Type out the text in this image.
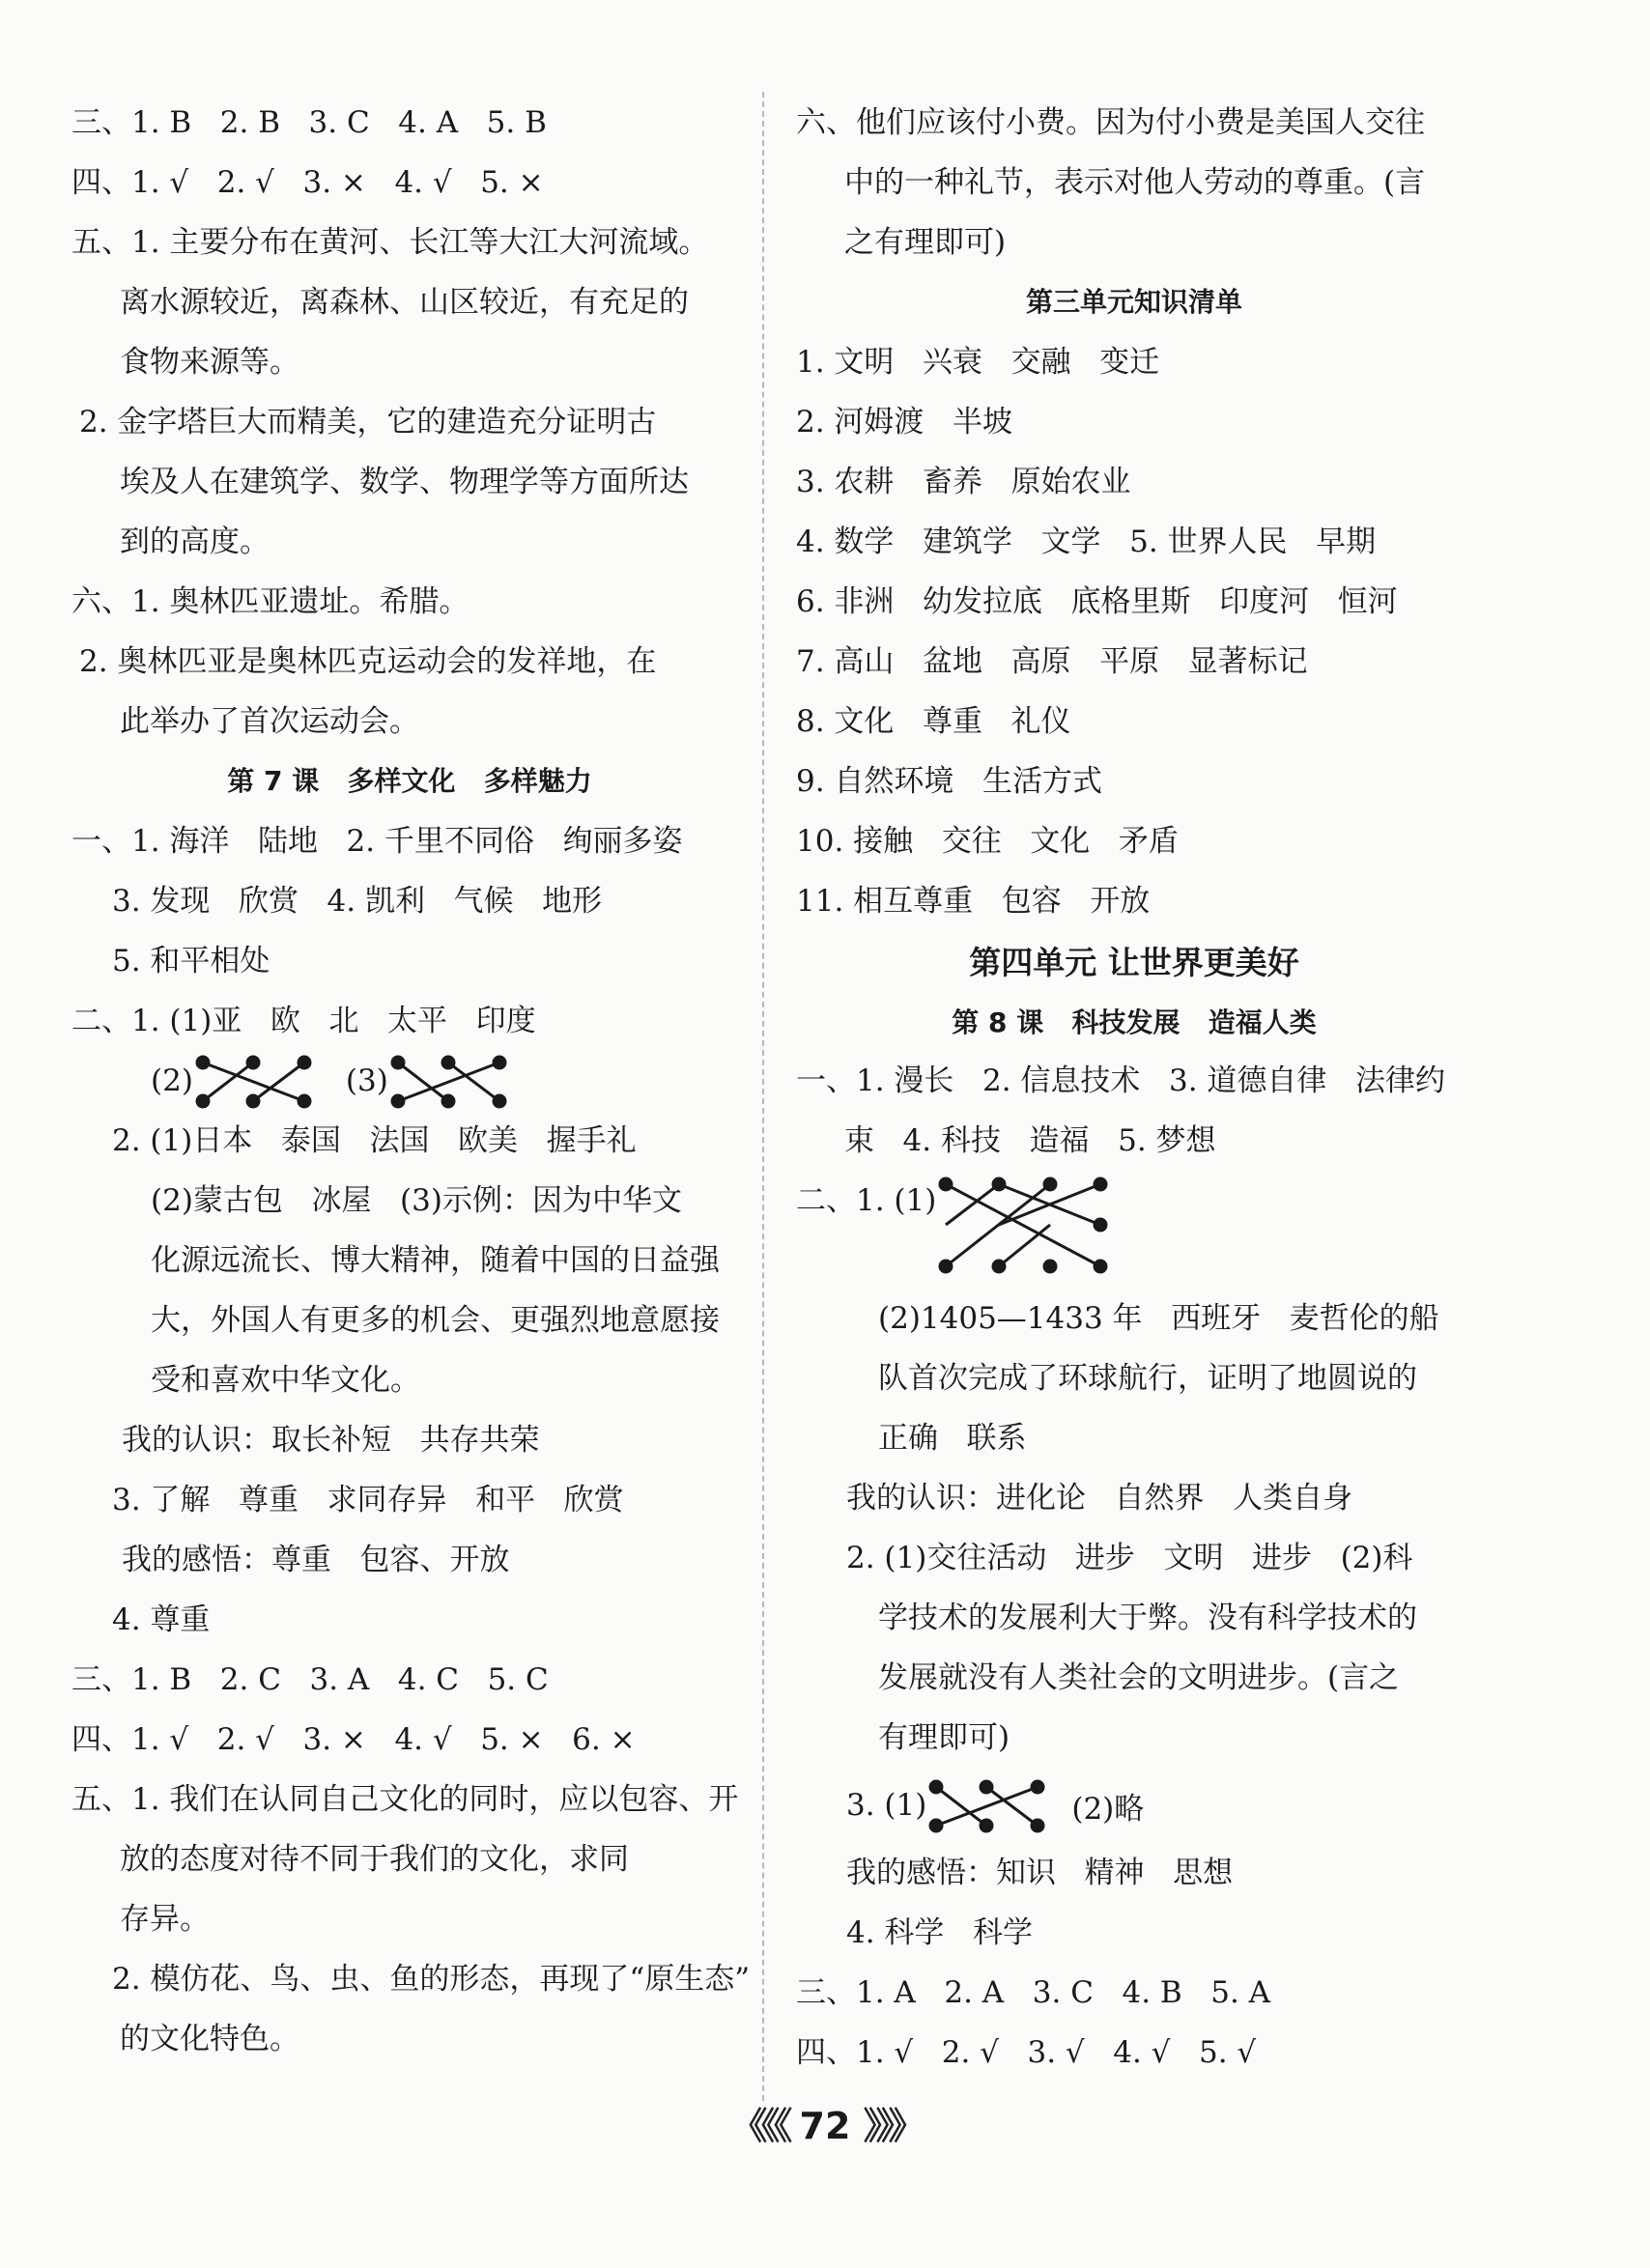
三、1. B   2. B   3. C   4. A   5. B
四、1. √   2. √   3. ×   4. √   5. ×
五、1. 主要分布在黄河、长江等大江大河流域。
离水源较近，离森林、山区较近，有充足的
食物来源等。
2. 金字塔巨大而精美，它的建造充分证明古
埃及人在建筑学、数学、物理学等方面所达
到的高度。
六、1. 奥林匹亚遗址。希腊。
2. 奥林匹亚是奥林匹克运动会的发祥地，在
此举办了首次运动会。
第 7 课   多样文化   多样魅力
一、1. 海洋   陆地   2. 千里不同俗   绚丽多姿
3. 发现   欣赏   4. 凯利   气候   地形
5. 和平相处
二、1. (1)亚   欧   北   太平   印度
(2)	(3)
2. (1)日本   泰国   法国   欧美   握手礼
(2)蒙古包   冰屋   (3)示例：因为中华文
化源远流长、博大精神，随着中国的日益强
大，外国人有更多的机会、更强烈地意愿接
受和喜欢中华文化。
我的认识：取长补短   共存共荣
3. 了解   尊重   求同存异   和平   欣赏
我的感悟：尊重   包容、开放
4. 尊重
三、1. B   2. C   3. A   4. C   5. C
四、1. √   2. √   3. ×   4. √   5. ×   6. ×
五、1. 我们在认同自己文化的同时，应以包容、开
放的态度对待不同于我们的文化，求同
存异。
2. 模仿花、鸟、虫、鱼的形态，再现了“原生态”
的文化特色。
六、他们应该付小费。因为付小费是美国人交往
中的一种礼节，表示对他人劳动的尊重。(言
之有理即可)
第三单元知识清单
1. 文明   兴衰   交融   变迁
2. 河姆渡   半坡
3. 农耕   畜养   原始农业
4. 数学   建筑学   文学   5. 世界人民   早期
6. 非洲   幼发拉底   底格里斯   印度河   恒河
7. 高山   盆地   高原   平原   显著标记
8. 文化   尊重   礼仪
9. 自然环境   生活方式
10. 接触   交往   文化   矛盾
11. 相互尊重   包容   开放
第四单元 让世界更美好
第 8 课   科技发展   造福人类
一、1. 漫长   2. 信息技术   3. 道德自律   法律约
束   4. 科技   造福   5. 梦想
二、1. (1)
(2)1405—1433 年   西班牙   麦哲伦的船
队首次完成了环球航行，证明了地圆说的
正确   联系
我的认识：进化论   自然界   人类自身
2. (1)交往活动   进步   文明   进步   (2)科
学技术的发展利大于弊。没有科学技术的
发展就没有人类社会的文明进步。(言之
有理即可)
3. (1)	(2)略
我的感悟：知识   精神   思想
4. 科学   科学
三、1. A   2. A   3. C   4. B   5. A
四、1. √   2. √   3. √   4. √   5. √
《《《 72 》》》
